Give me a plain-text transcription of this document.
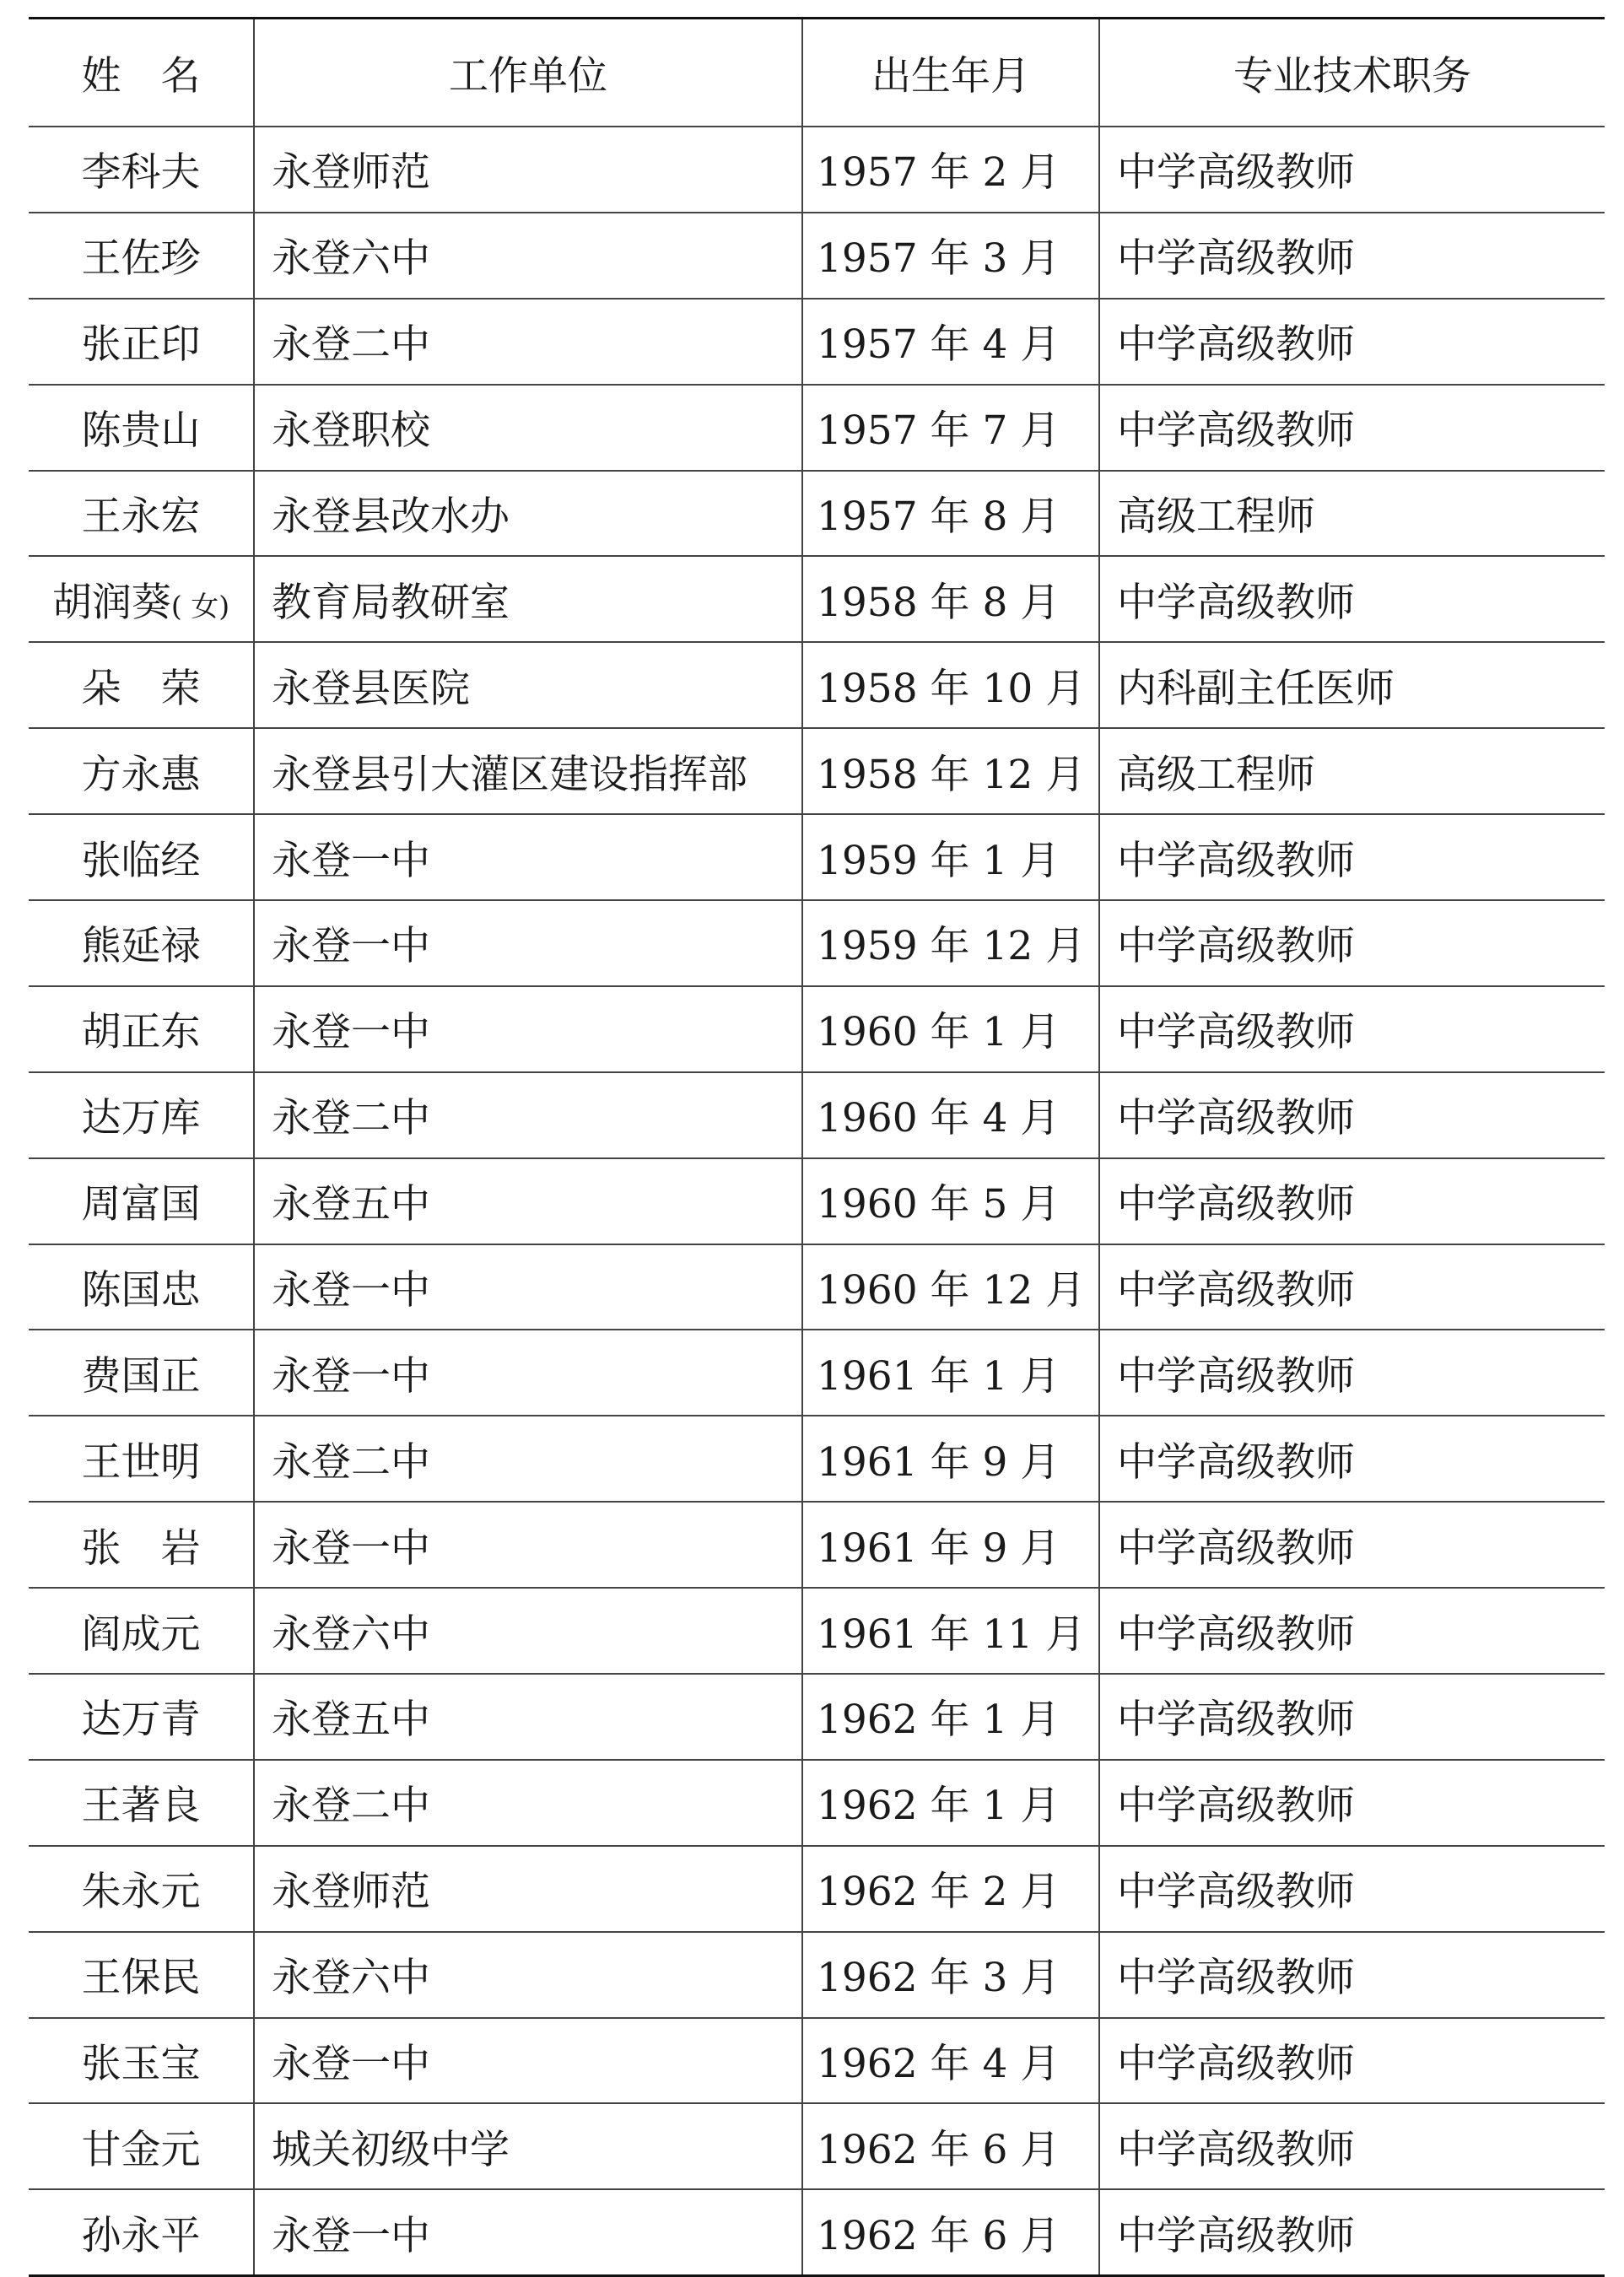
姓　名	工作单位	出生年月	专业技术职务
李科夫	永登师范	1957 年 2 月	中学高级教师
王佐珍	永登六中	1957 年 3 月	中学高级教师
张正印	永登二中	1957 年 4 月	中学高级教师
陈贵山	永登职校	1957 年 7 月	中学高级教师
王永宏	永登县改水办	1957 年 8 月	高级工程师
胡润葵( 女)	教育局教研室	1958 年 8 月	中学高级教师
朵　荣	永登县医院	1958 年 10 月	内科副主任医师
方永惠	永登县引大灌区建设指挥部	1958 年 12 月	高级工程师
张临经	永登一中	1959 年 1 月	中学高级教师
熊延禄	永登一中	1959 年 12 月	中学高级教师
胡正东	永登一中	1960 年 1 月	中学高级教师
达万库	永登二中	1960 年 4 月	中学高级教师
周富国	永登五中	1960 年 5 月	中学高级教师
陈国忠	永登一中	1960 年 12 月	中学高级教师
费国正	永登一中	1961 年 1 月	中学高级教师
王世明	永登二中	1961 年 9 月	中学高级教师
张　岩	永登一中	1961 年 9 月	中学高级教师
阎成元	永登六中	1961 年 11 月	中学高级教师
达万青	永登五中	1962 年 1 月	中学高级教师
王著良	永登二中	1962 年 1 月	中学高级教师
朱永元	永登师范	1962 年 2 月	中学高级教师
王保民	永登六中	1962 年 3 月	中学高级教师
张玉宝	永登一中	1962 年 4 月	中学高级教师
甘金元	城关初级中学	1962 年 6 月	中学高级教师
孙永平	永登一中	1962 年 6 月	中学高级教师
